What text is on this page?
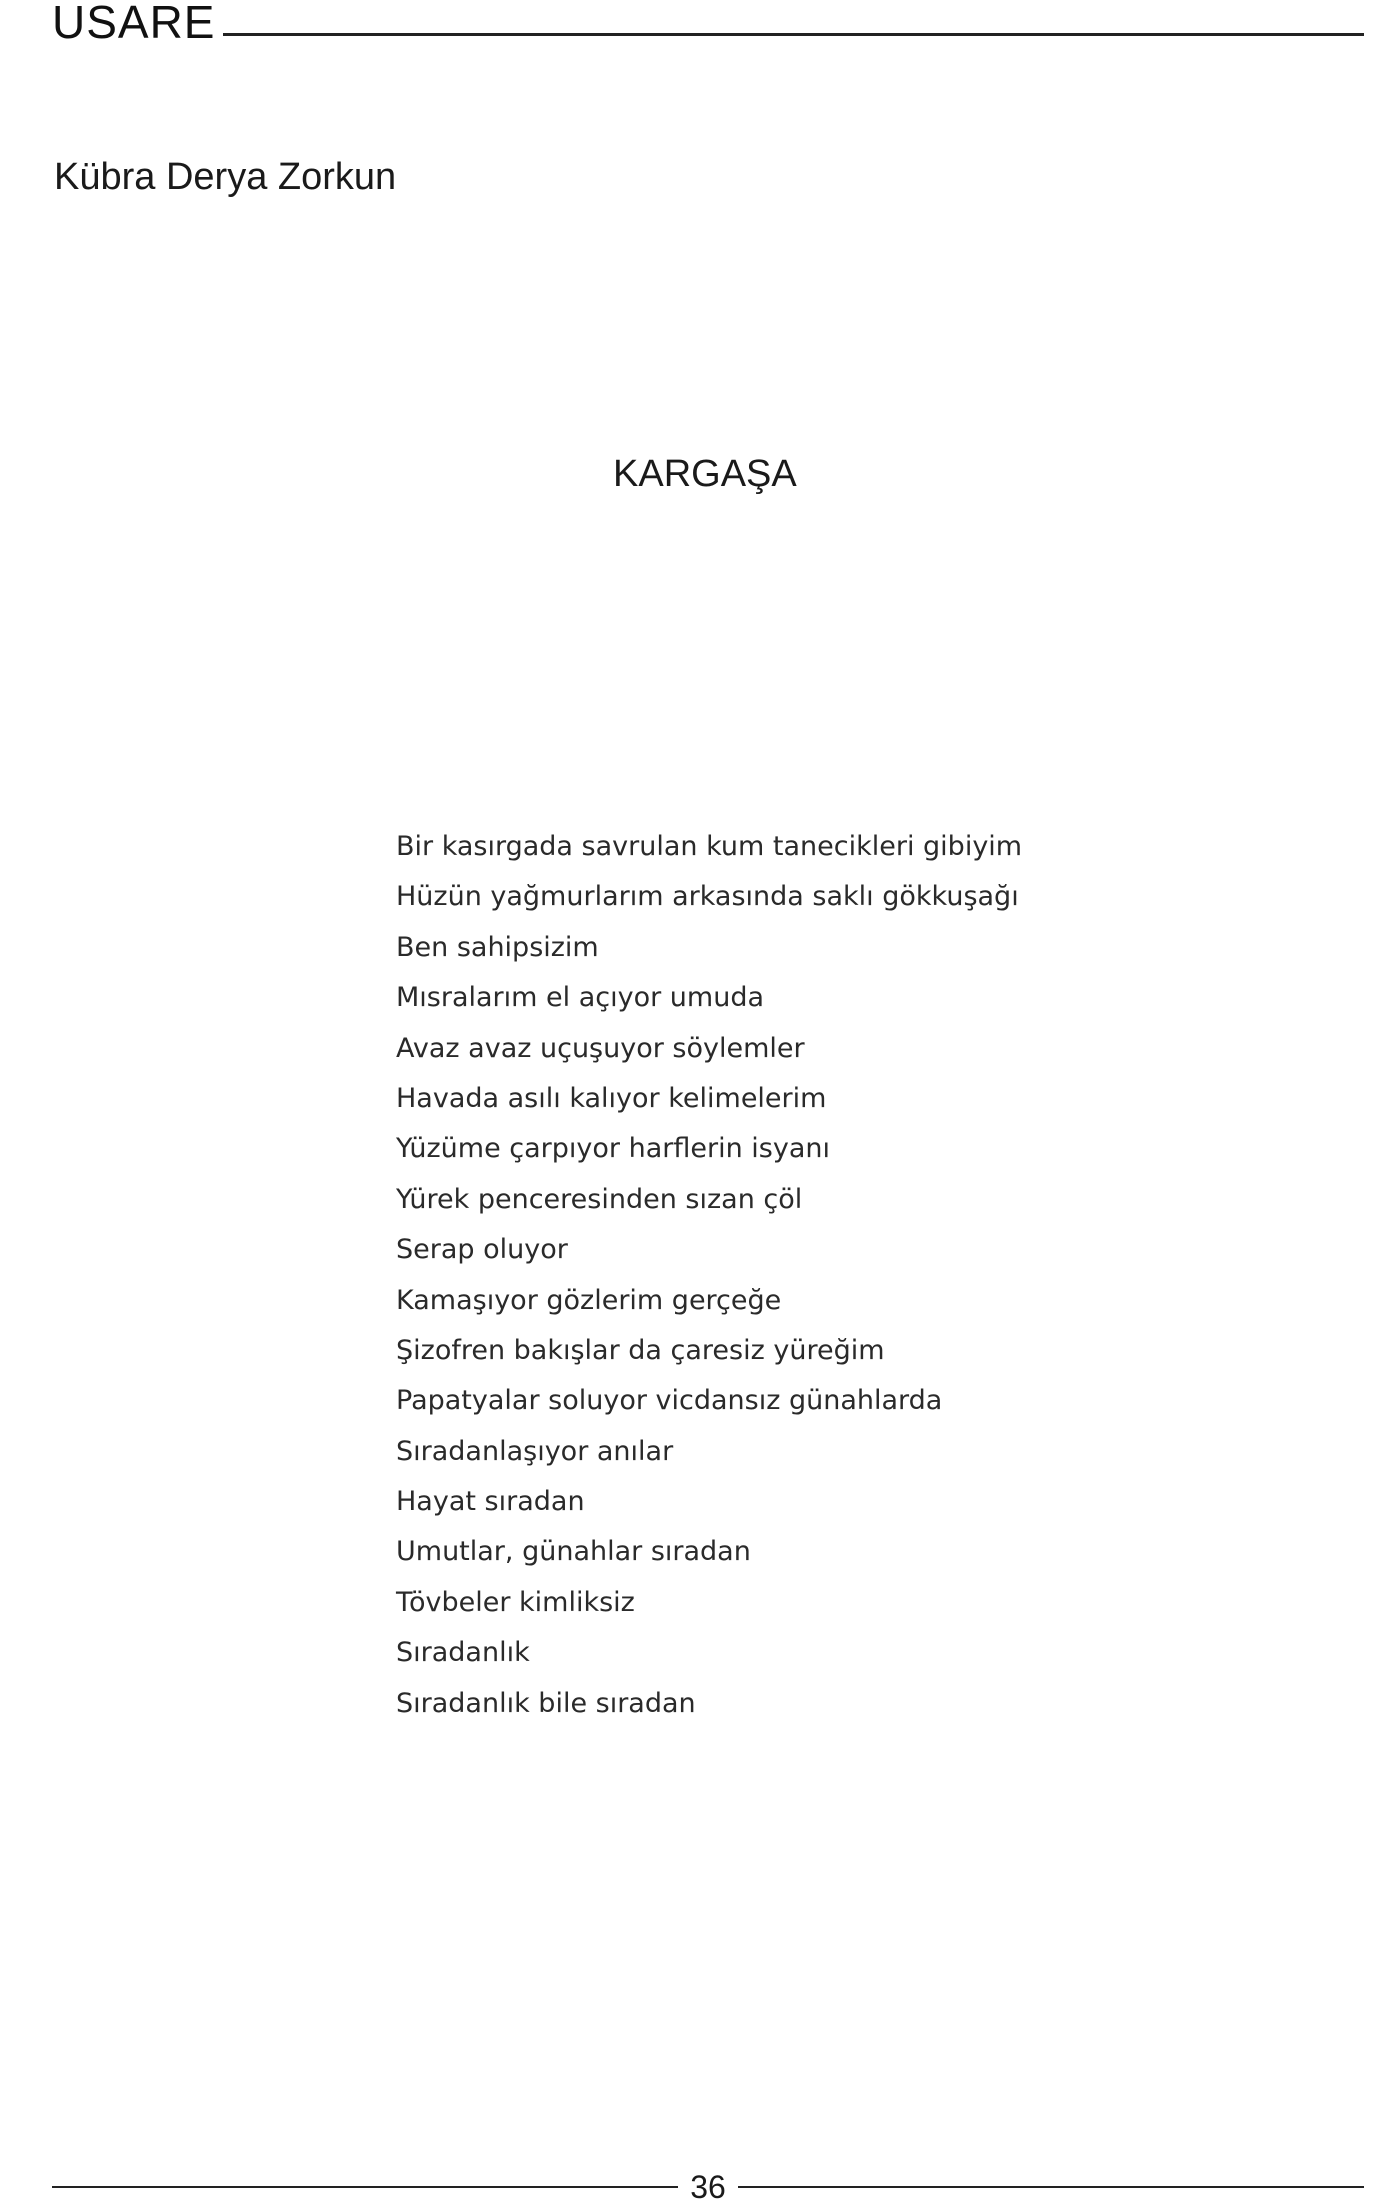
USARE
Kübra Derya Zorkun
KARGAŞA
Bir kasırgada savrulan kum tanecikleri gibiyim
Hüzün yağmurlarım arkasında saklı gökkuşağı
Ben sahipsizim
Mısralarım el açıyor umuda
Avaz avaz uçuşuyor söylemler
Havada asılı kalıyor kelimelerim
Yüzüme çarpıyor harflerin isyanı
Yürek penceresinden sızan çöl
Serap oluyor
Kamaşıyor gözlerim gerçeğe
Şizofren bakışlar da çaresiz yüreğim
Papatyalar soluyor vicdansız günahlarda
Sıradanlaşıyor anılar
Hayat sıradan
Umutlar, günahlar sıradan
Tövbeler kimliksiz
Sıradanlık
Sıradanlık bile sıradan
36
